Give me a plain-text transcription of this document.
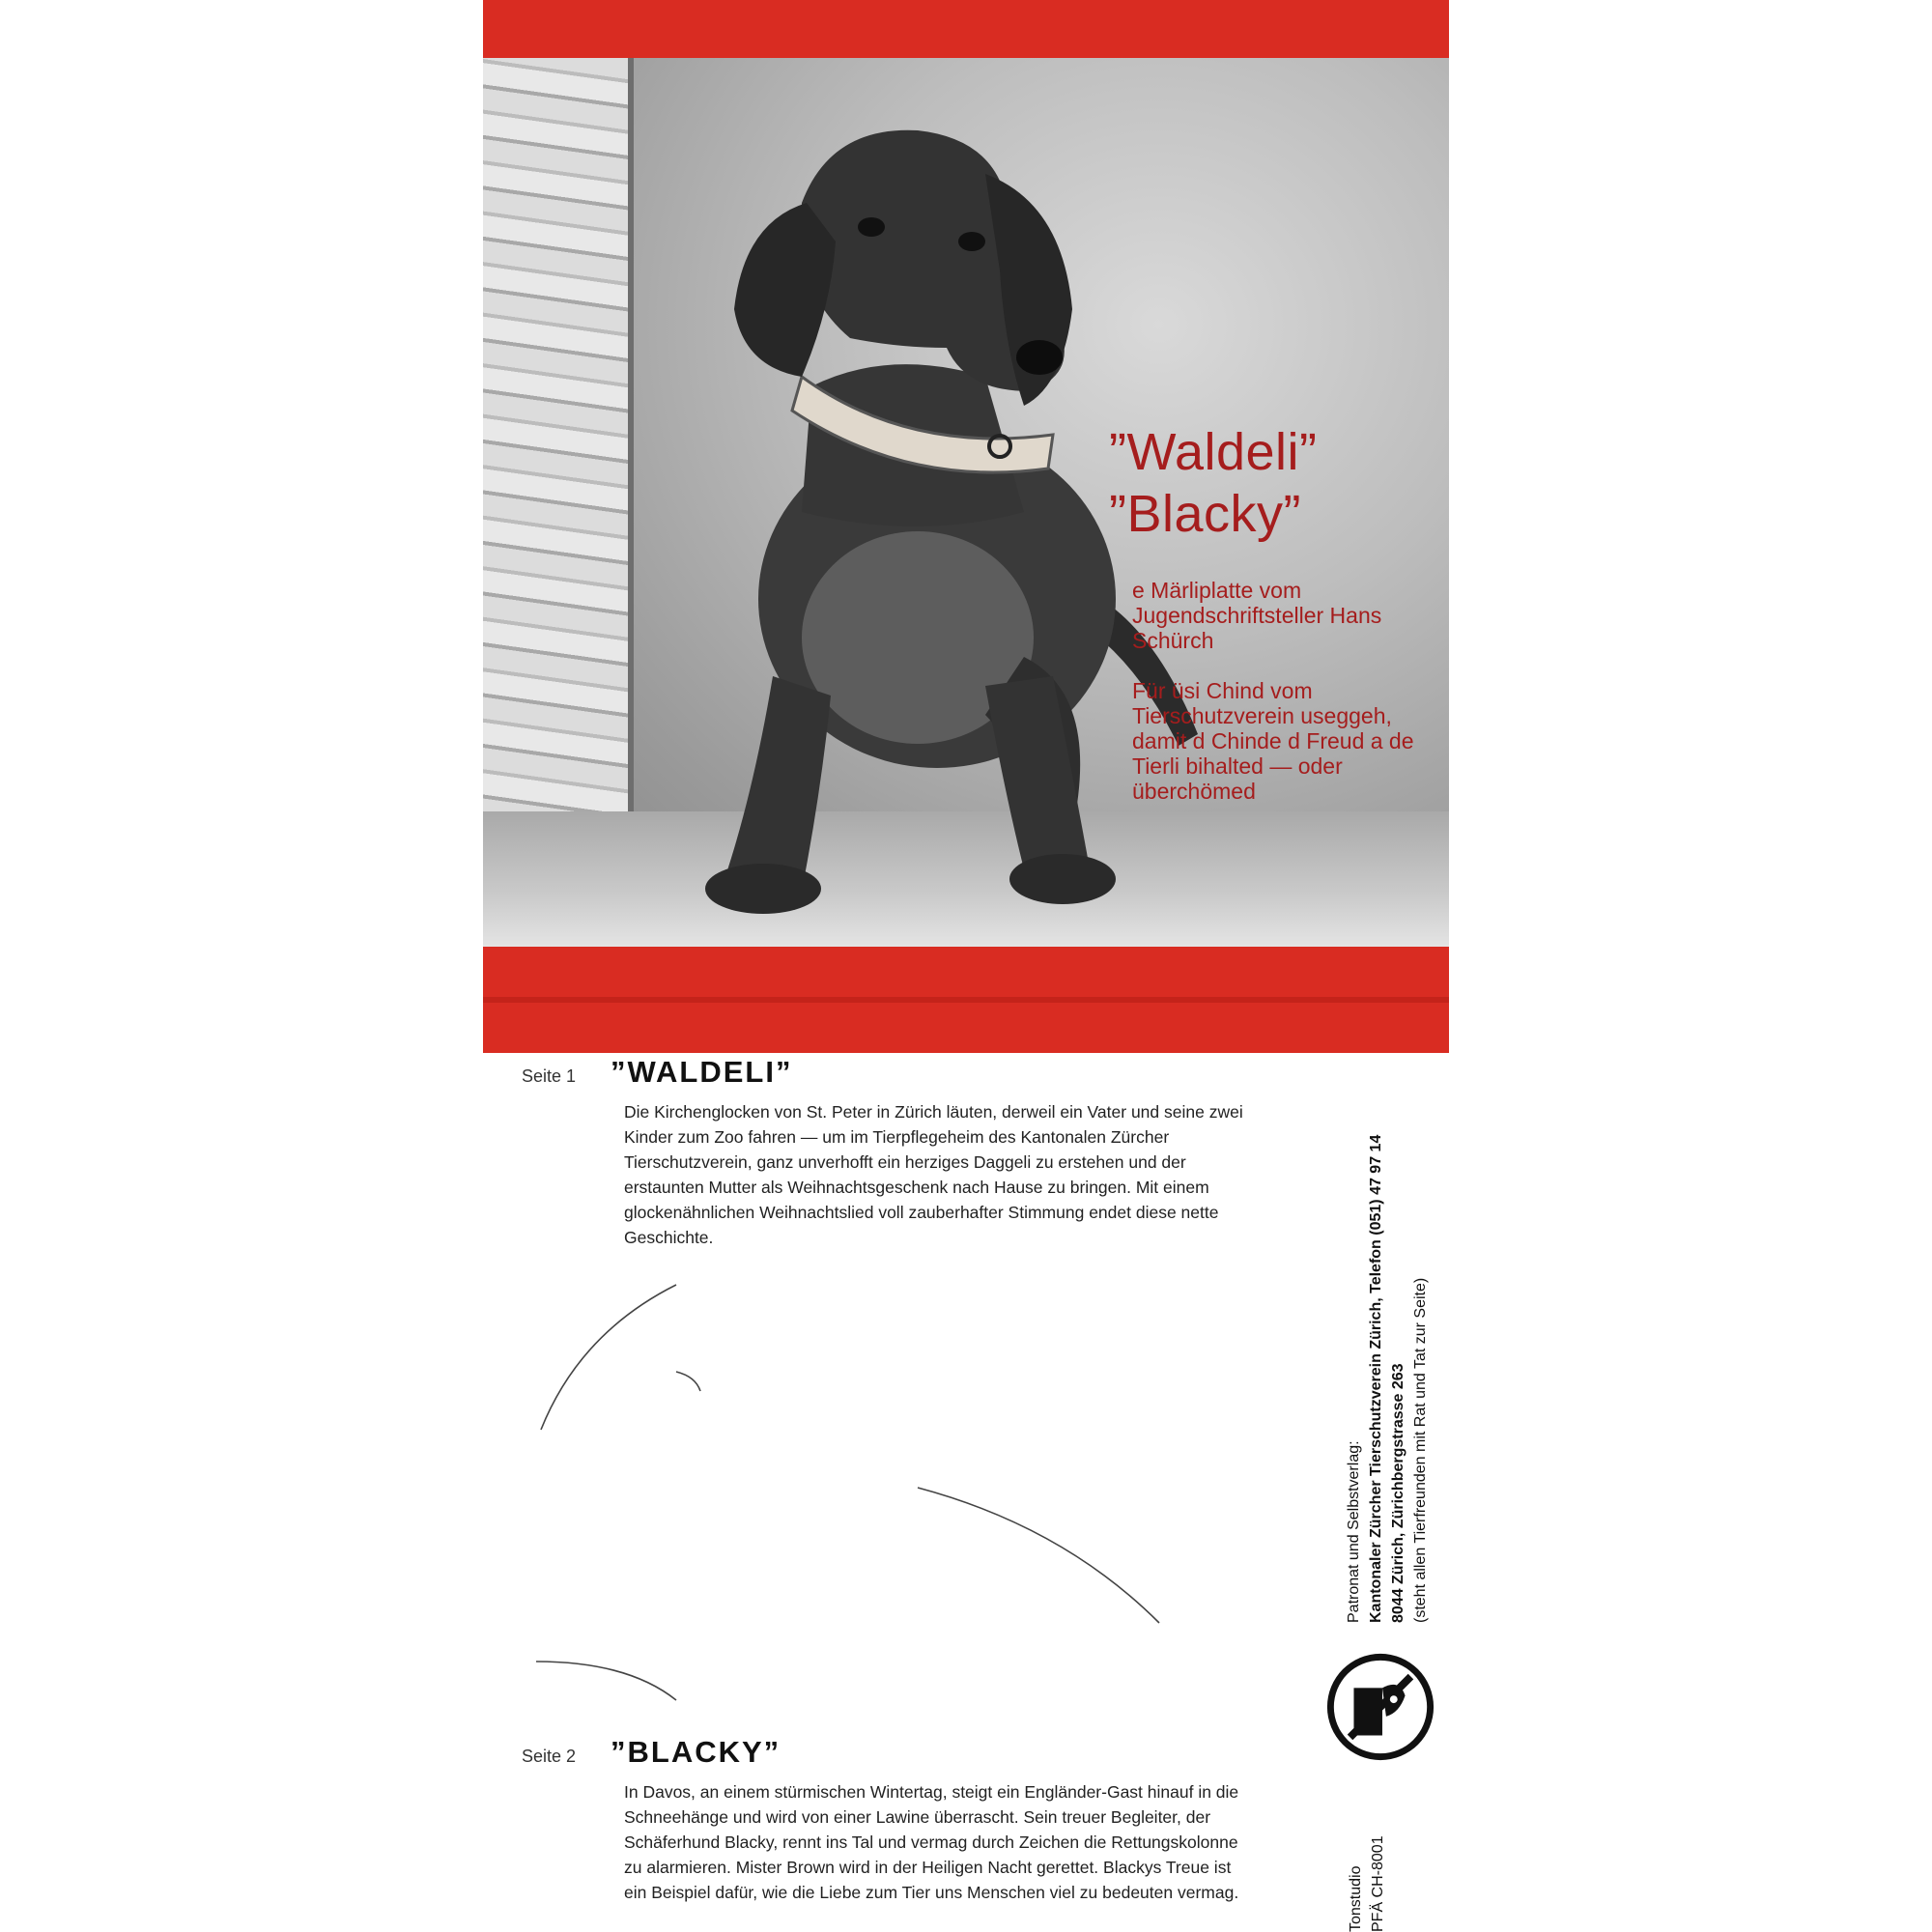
”Waldeli”
”Blacky”

e Märliplatte vom Jugendschriftsteller Hans Schürch

Für üsi Chind vom Tierschutzverein useggeh, damit d Chinde d Freud a de Tierli bihalted — oder überchömed

Seite 1 ”WALDELI”

Die Kirchenglocken von St. Peter in Zürich läuten, derweil ein Vater und seine zwei Kinder zum Zoo fahren — um im Tierpflegeheim des Kantonalen Zürcher Tierschutzverein, ganz unverhofft ein herziges Daggeli zu erstehen und der erstaunten Mutter als Weihnachtsgeschenk nach Hause zu bringen. Mit einem glockenähnlichen Weihnachtslied voll zauberhafter Stimmung endet diese nette Geschichte.

Seite 2 ”BLACKY”

In Davos, an einem stürmischen Wintertag, steigt ein Engländer-Gast hinauf in die Schneehänge und wird von einer Lawine überrascht. Sein treuer Begleiter, der Schäferhund Blacky, rennt ins Tal und vermag durch Zeichen die Rettungskolonne zu alarmieren. Mister Brown wird in der Heiligen Nacht gerettet. Blackys Treue ist ein Beispiel dafür, wie die Liebe zum Tier uns Menschen viel zu bedeuten vermag.

Patronat und Selbstverlag: Kantonaler Zürcher Tierschutzverein Zürich, Telefon (051) 47 97 14 8044 Zürich, Zürichbergstrasse 263 (steht allen Tierfreunden mit Rat und Tat zur Seite)
Tonstudio PFÄ CH-8001
